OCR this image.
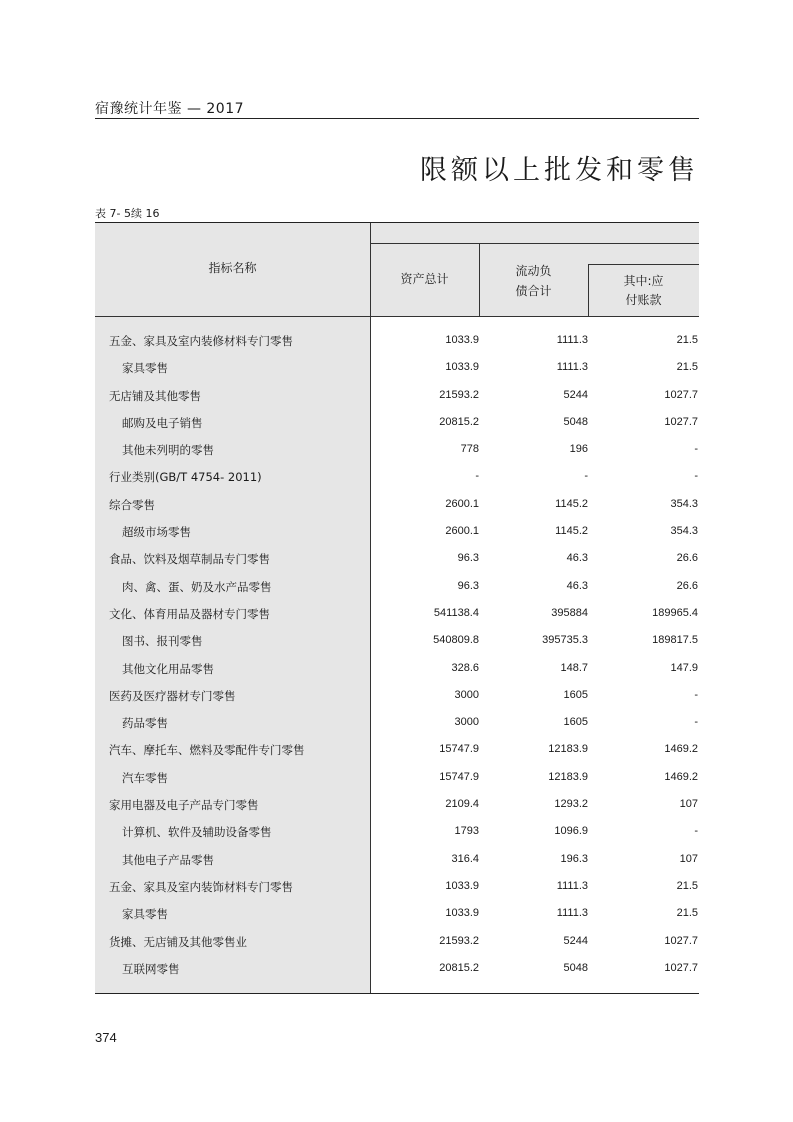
宿豫统计年鉴 — 2017
限额以上批发和零售
表 7- 5续 16
指标名称
资产总计
流动负
债合计
其中:应
付账款
五金、家具及室内装修材料专门零售	1033.9	1111.3	21.5
家具零售	1033.9	1111.3	21.5
无店铺及其他零售	21593.2	5244	1027.7
邮购及电子销售	20815.2	5048	1027.7
其他未列明的零售	778	196	-
行业类别(GB/T 4754- 2011)	-	-	-
综合零售	2600.1	1145.2	354.3
超级市场零售	2600.1	1145.2	354.3
食品、饮料及烟草制品专门零售	96.3	46.3	26.6
肉、禽、蛋、奶及水产品零售	96.3	46.3	26.6
文化、体育用品及器材专门零售	541138.4	395884	189965.4
图书、报刊零售	540809.8	395735.3	189817.5
其他文化用品零售	328.6	148.7	147.9
医药及医疗器材专门零售	3000	1605	-
药品零售	3000	1605	-
汽车、摩托车、燃料及零配件专门零售	15747.9	12183.9	1469.2
汽车零售	15747.9	12183.9	1469.2
家用电器及电子产品专门零售	2109.4	1293.2	107
计算机、软件及辅助设备零售	1793	1096.9	-
其他电子产品零售	316.4	196.3	107
五金、家具及室内装饰材料专门零售	1033.9	1111.3	21.5
家具零售	1033.9	1111.3	21.5
货摊、无店铺及其他零售业	21593.2	5244	1027.7
互联网零售	20815.2	5048	1027.7
374
